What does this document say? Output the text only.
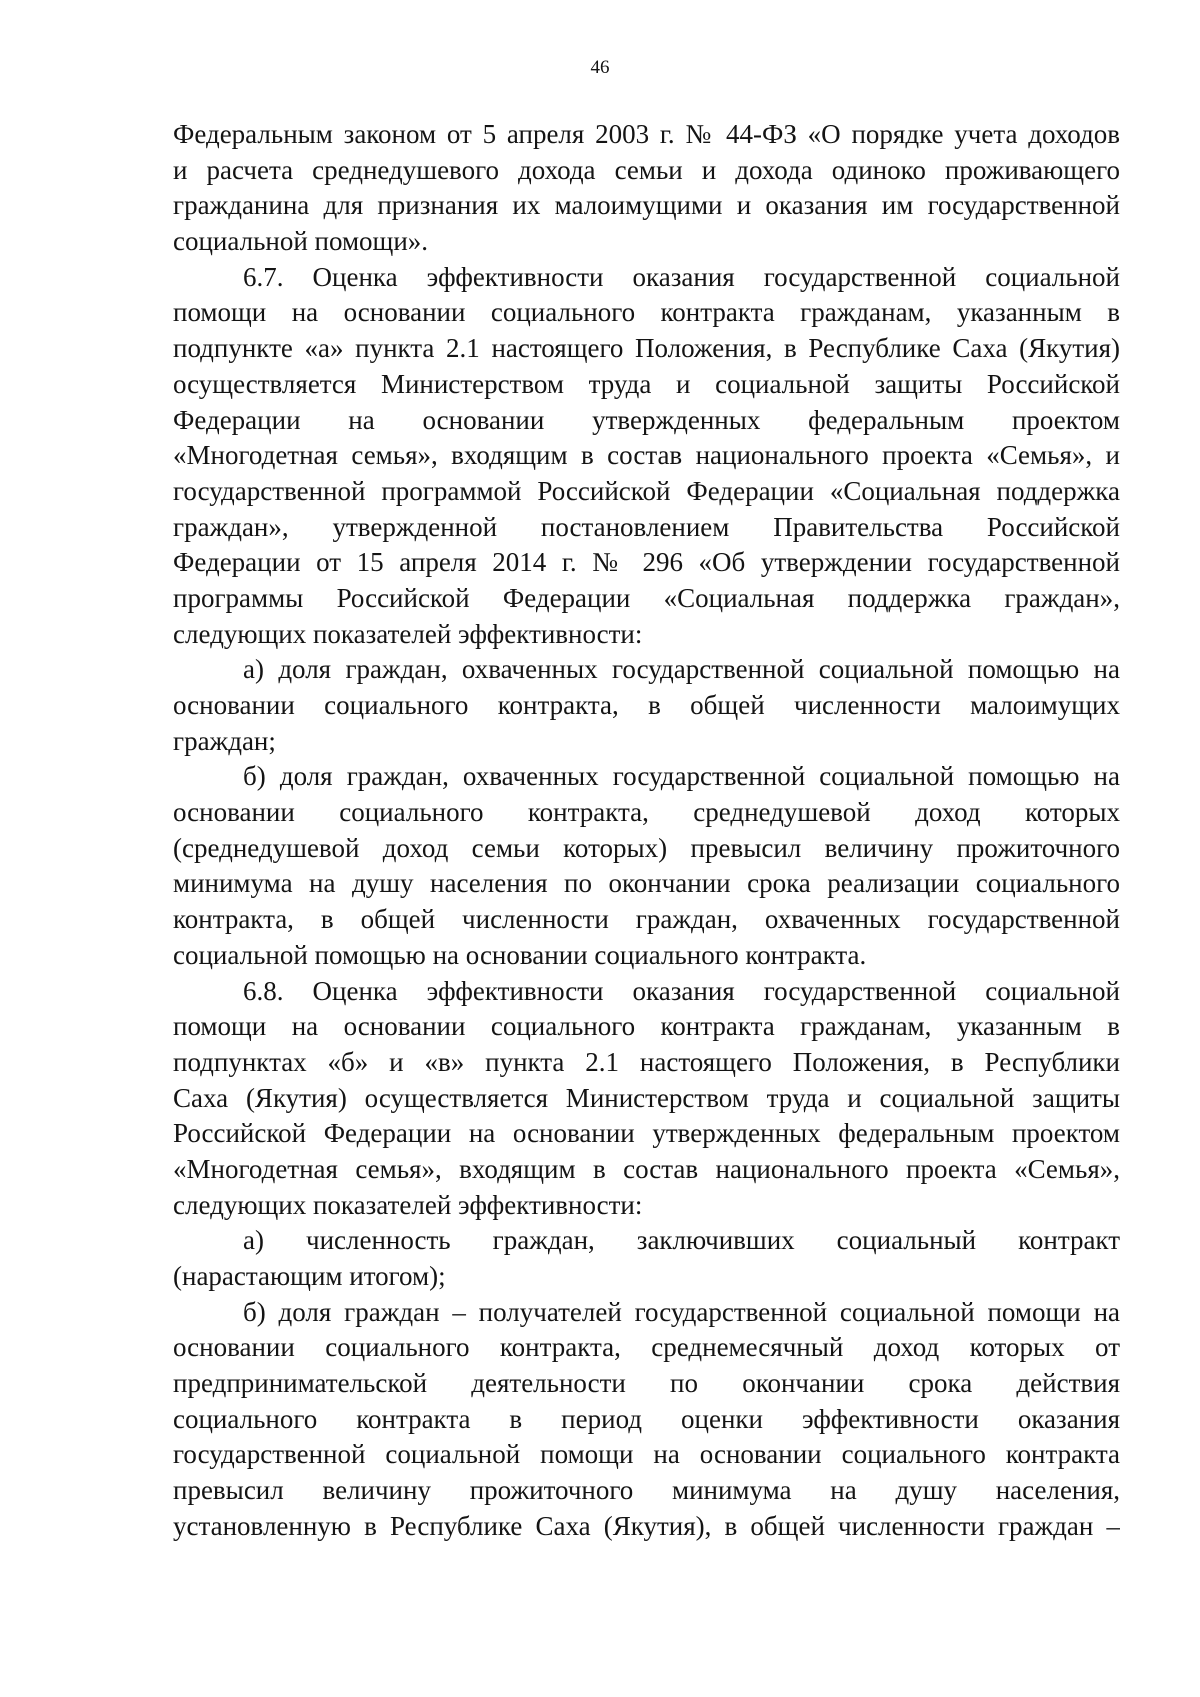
46
Федеральным законом от 5 апреля 2003 г. № 44-ФЗ «О порядке учета доходов
и расчета среднедушевого дохода семьи и дохода одиноко проживающего
гражданина для признания их малоимущими и оказания им государственной
социальной помощи».
6.7. Оценка эффективности оказания государственной социальной
помощи на основании социального контракта гражданам, указанным в
подпункте «а» пункта 2.1 настоящего Положения, в Республике Саха (Якутия)
осуществляется Министерством труда и социальной защиты Российской
Федерации на основании утвержденных федеральным проектом
«Многодетная семья», входящим в состав национального проекта «Семья», и
государственной программой Российской Федерации «Социальная поддержка
граждан», утвержденной постановлением Правительства Российской
Федерации от 15 апреля 2014 г. № 296 «Об утверждении государственной
программы Российской Федерации «Социальная поддержка граждан»,
следующих показателей эффективности:
а) доля граждан, охваченных государственной социальной помощью на
основании социального контракта, в общей численности малоимущих
граждан;
б) доля граждан, охваченных государственной социальной помощью на
основании социального контракта, среднедушевой доход которых
(среднедушевой доход семьи которых) превысил величину прожиточного
минимума на душу населения по окончании срока реализации социального
контракта, в общей численности граждан, охваченных государственной
социальной помощью на основании социального контракта.
6.8. Оценка эффективности оказания государственной социальной
помощи на основании социального контракта гражданам, указанным в
подпунктах «б» и «в» пункта 2.1 настоящего Положения, в Республики
Саха (Якутия) осуществляется Министерством труда и социальной защиты
Российской Федерации на основании утвержденных федеральным проектом
«Многодетная семья», входящим в состав национального проекта «Семья»,
следующих показателей эффективности:
а) численность граждан, заключивших социальный контракт
(нарастающим итогом);
б) доля граждан – получателей государственной социальной помощи на
основании социального контракта, среднемесячный доход которых от
предпринимательской деятельности по окончании срока действия
социального контракта в период оценки эффективности оказания
государственной социальной помощи на основании социального контракта
превысил величину прожиточного минимума на душу населения,
установленную в Республике Саха (Якутия), в общей численности граждан –
